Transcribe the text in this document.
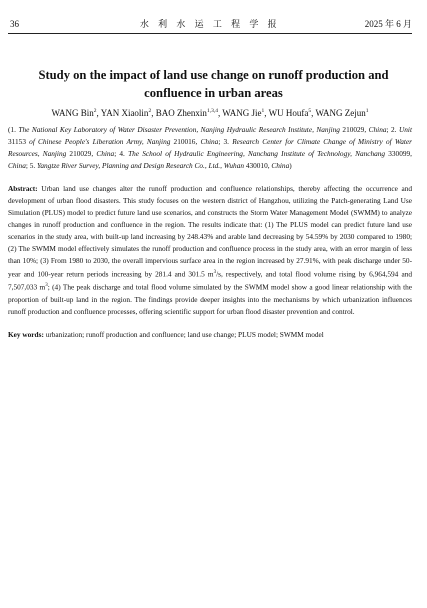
36	水 利 水 运 工 程 学 报	2025 年 6 月
Study on the impact of land use change on runoff production and confluence in urban areas
WANG Bin$^2$, YAN Xiaolin$^2$, BAO Zhenxin$^{1,3,4}$, WANG Jie$^1$, WU Houfa$^5$, WANG Zejun$^1$
(1. The National Key Laboratory of Water Disaster Prevention, Nanjing Hydraulic Research Institute, Nanjing 210029, China; 2. Unit 31153 of Chinese People's Liberation Army, Nanjing 210016, China; 3. Research Center for Climate Change of Ministry of Water Resources, Nanjing 210029, China; 4. The School of Hydraulic Engineering, Nanchang Institute of Technology, Nanchang 330099, China; 5. Yangtze River Survey, Planning and Design Research Co., Ltd., Wuhan 430010, China)

Abstract: Urban land use changes alter the runoff production and confluence relationships, thereby affecting the occurrence and development of urban flood disasters. This study focuses on the western district of Hangzhou, utilizing the Patch-generating Land Use Simulation (PLUS) model to predict future land use scenarios, and constructs the Storm Water Management Model (SWMM) to analyze changes in runoff production and confluence in the region. The results indicate that: (1) The PLUS model can predict future land use scenarios in the study area, with built-up land increasing by 248.43% and arable land decreasing by 54.59% by 2030 compared to 1980; (2) The SWMM model effectively simulates the runoff production and confluence process in the study area, with an error margin of less than 10%; (3) From 1980 to 2030, the overall impervious surface area in the region increased by 27.91%, with peak discharge under 50-year and 100-year return periods increasing by 281.4 and 301.5 $m^3/s$, respectively, and total flood volume rising by 6,964,594 and 7,507,033 $m^3$; (4) The peak discharge and total flood volume simulated by the SWMM model show a good linear relationship with the proportion of built-up land in the region. The findings provide deeper insights into the mechanisms by which urbanization influences runoff production and confluence processes, offering scientific support for urban flood disaster prevention and control.

Key words: urbanization; runoff production and confluence; land use change; PLUS model; SWMM model
